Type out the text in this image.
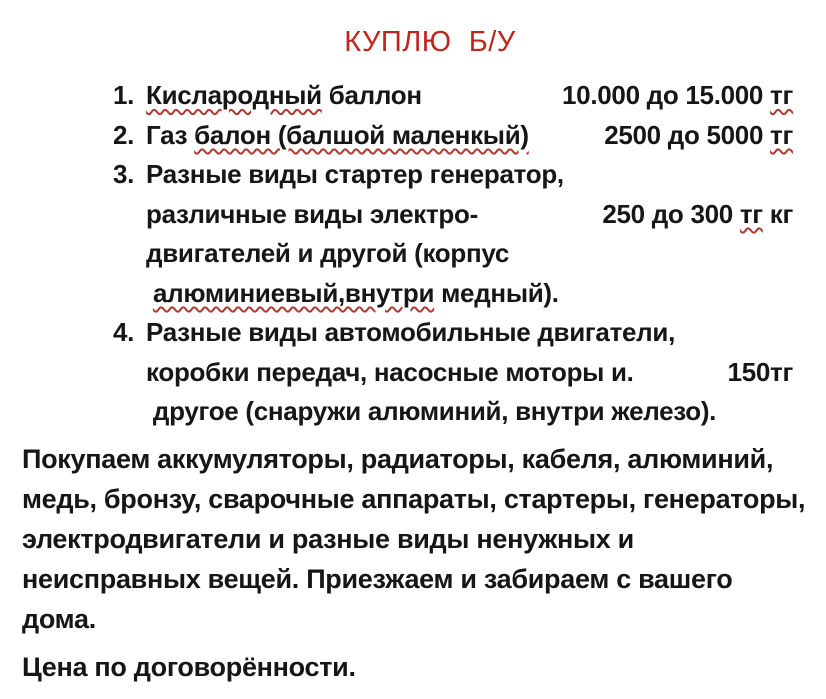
КУПЛЮ  Б/У
1. Кислародный баллон	10.000 до 15.000 тг
2. Газ балон (балшой маленкый)	2500 до 5000 тг
3. Разные виды стартер генератор,
различные виды электро-	250 до 300 тг кг
двигателей и другой (корпус
алюминиевый,внутри медный).
4. Разные виды автомобильные двигатели,
коробки передач, насосные моторы и.	150тг
другое (снаружи алюминий, внутри железо).
Покупаем аккумуляторы, радиаторы, кабеля, алюминий,
медь, бронзу, сварочные аппараты, стартеры, генераторы,
электродвигатели и разные виды ненужных и
неисправных вещей. Приезжаем и забираем с вашего
дома.
Цена по договорённости.
